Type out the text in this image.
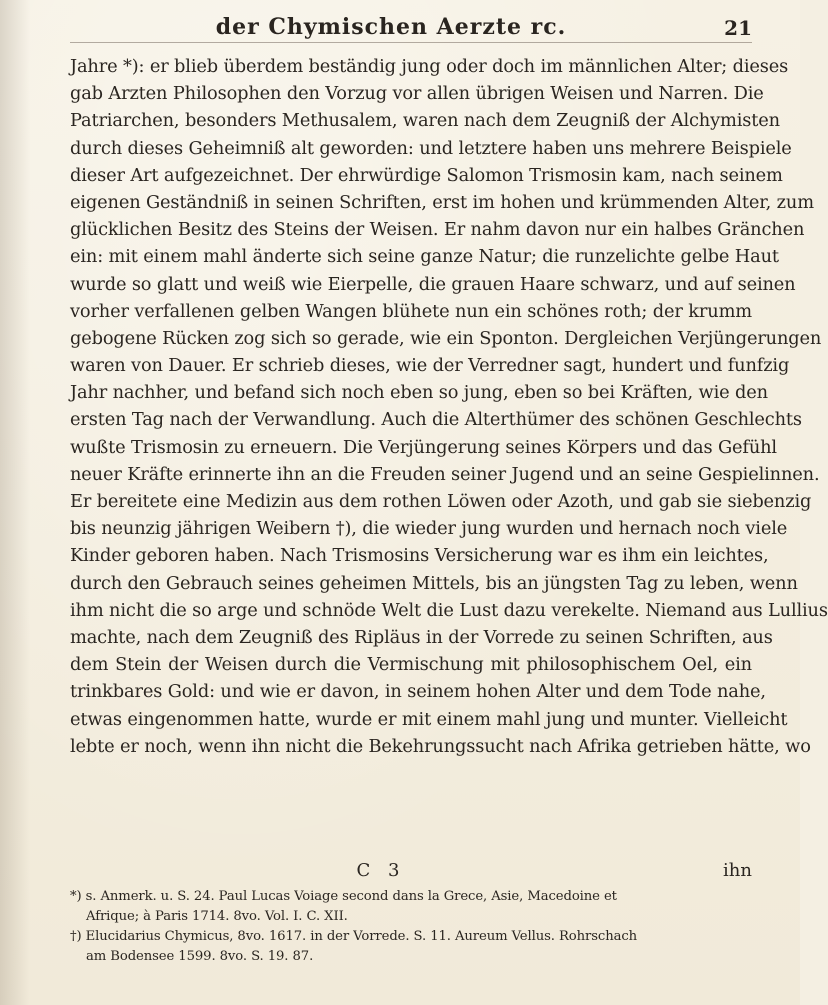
der Chymischen Aerzte rc.	21
Jahre *): er blieb überdem beständig jung oder doch im männlichen Alter; dieses
gab Arzten Philosophen den Vorzug vor allen übrigen Weisen und Narren. Die
Patriarchen, besonders Methusalem, waren nach dem Zeugniß der Alchymisten
durch dieses Geheimniß alt geworden: und letztere haben uns mehrere Beispiele
dieser Art aufgezeichnet. Der ehrwürdige Salomon Trismosin kam, nach seinem
eigenen Geständniß in seinen Schriften, erst im hohen und krümmenden Alter, zum
glücklichen Besitz des Steins der Weisen. Er nahm davon nur ein halbes Gränchen
ein: mit einem mahl änderte sich seine ganze Natur; die runzelichte gelbe Haut
wurde so glatt und weiß wie Eierpelle, die grauen Haare schwarz, und auf seinen
vorher verfallenen gelben Wangen blühete nun ein schönes roth; der krumm
gebogene Rücken zog sich so gerade, wie ein Sponton. Dergleichen Verjüngerungen
waren von Dauer. Er schrieb dieses, wie der Verredner sagt, hundert und funfzig
Jahr nachher, und befand sich noch eben so jung, eben so bei Kräften, wie den
ersten Tag nach der Verwandlung. Auch die Alterthümer des schönen Geschlechts
wußte Trismosin zu erneuern. Die Verjüngerung seines Körpers und das Gefühl
neuer Kräfte erinnerte ihn an die Freuden seiner Jugend und an seine Gespielinnen.
Er bereitete eine Medizin aus dem rothen Löwen oder Azoth, und gab sie siebenzig
bis neunzig jährigen Weibern †), die wieder jung wurden und hernach noch viele
Kinder geboren haben. Nach Trismosins Versicherung war es ihm ein leichtes,
durch den Gebrauch seines geheimen Mittels, bis an jüngsten Tag zu leben, wenn
ihm nicht die so arge und schnöde Welt die Lust dazu verekelte. Niemand aus Lullius
machte, nach dem Zeugniß des Ripläus in der Vorrede zu seinen Schriften, aus
dem Stein der Weisen durch die Vermischung mit philosophischem Oel, ein
trinkbares Gold: und wie er davon, in seinem hohen Alter und dem Tode nahe,
etwas eingenommen hatte, wurde er mit einem mahl jung und munter. Vielleicht
lebte er noch, wenn ihn nicht die Bekehrungssucht nach Afrika getrieben hätte, wo
C 3	ihn
*) s. Anmerk. u. S. 24. Paul Lucas Voiage second dans la Grece, Asie, Macedoine et
Afrique; à Paris 1714. 8vo. Vol. I. C. XII.
†) Elucidarius Chymicus, 8vo. 1617. in der Vorrede. S. 11. Aureum Vellus. Rohrschach
am Bodensee 1599. 8vo. S. 19. 87.
